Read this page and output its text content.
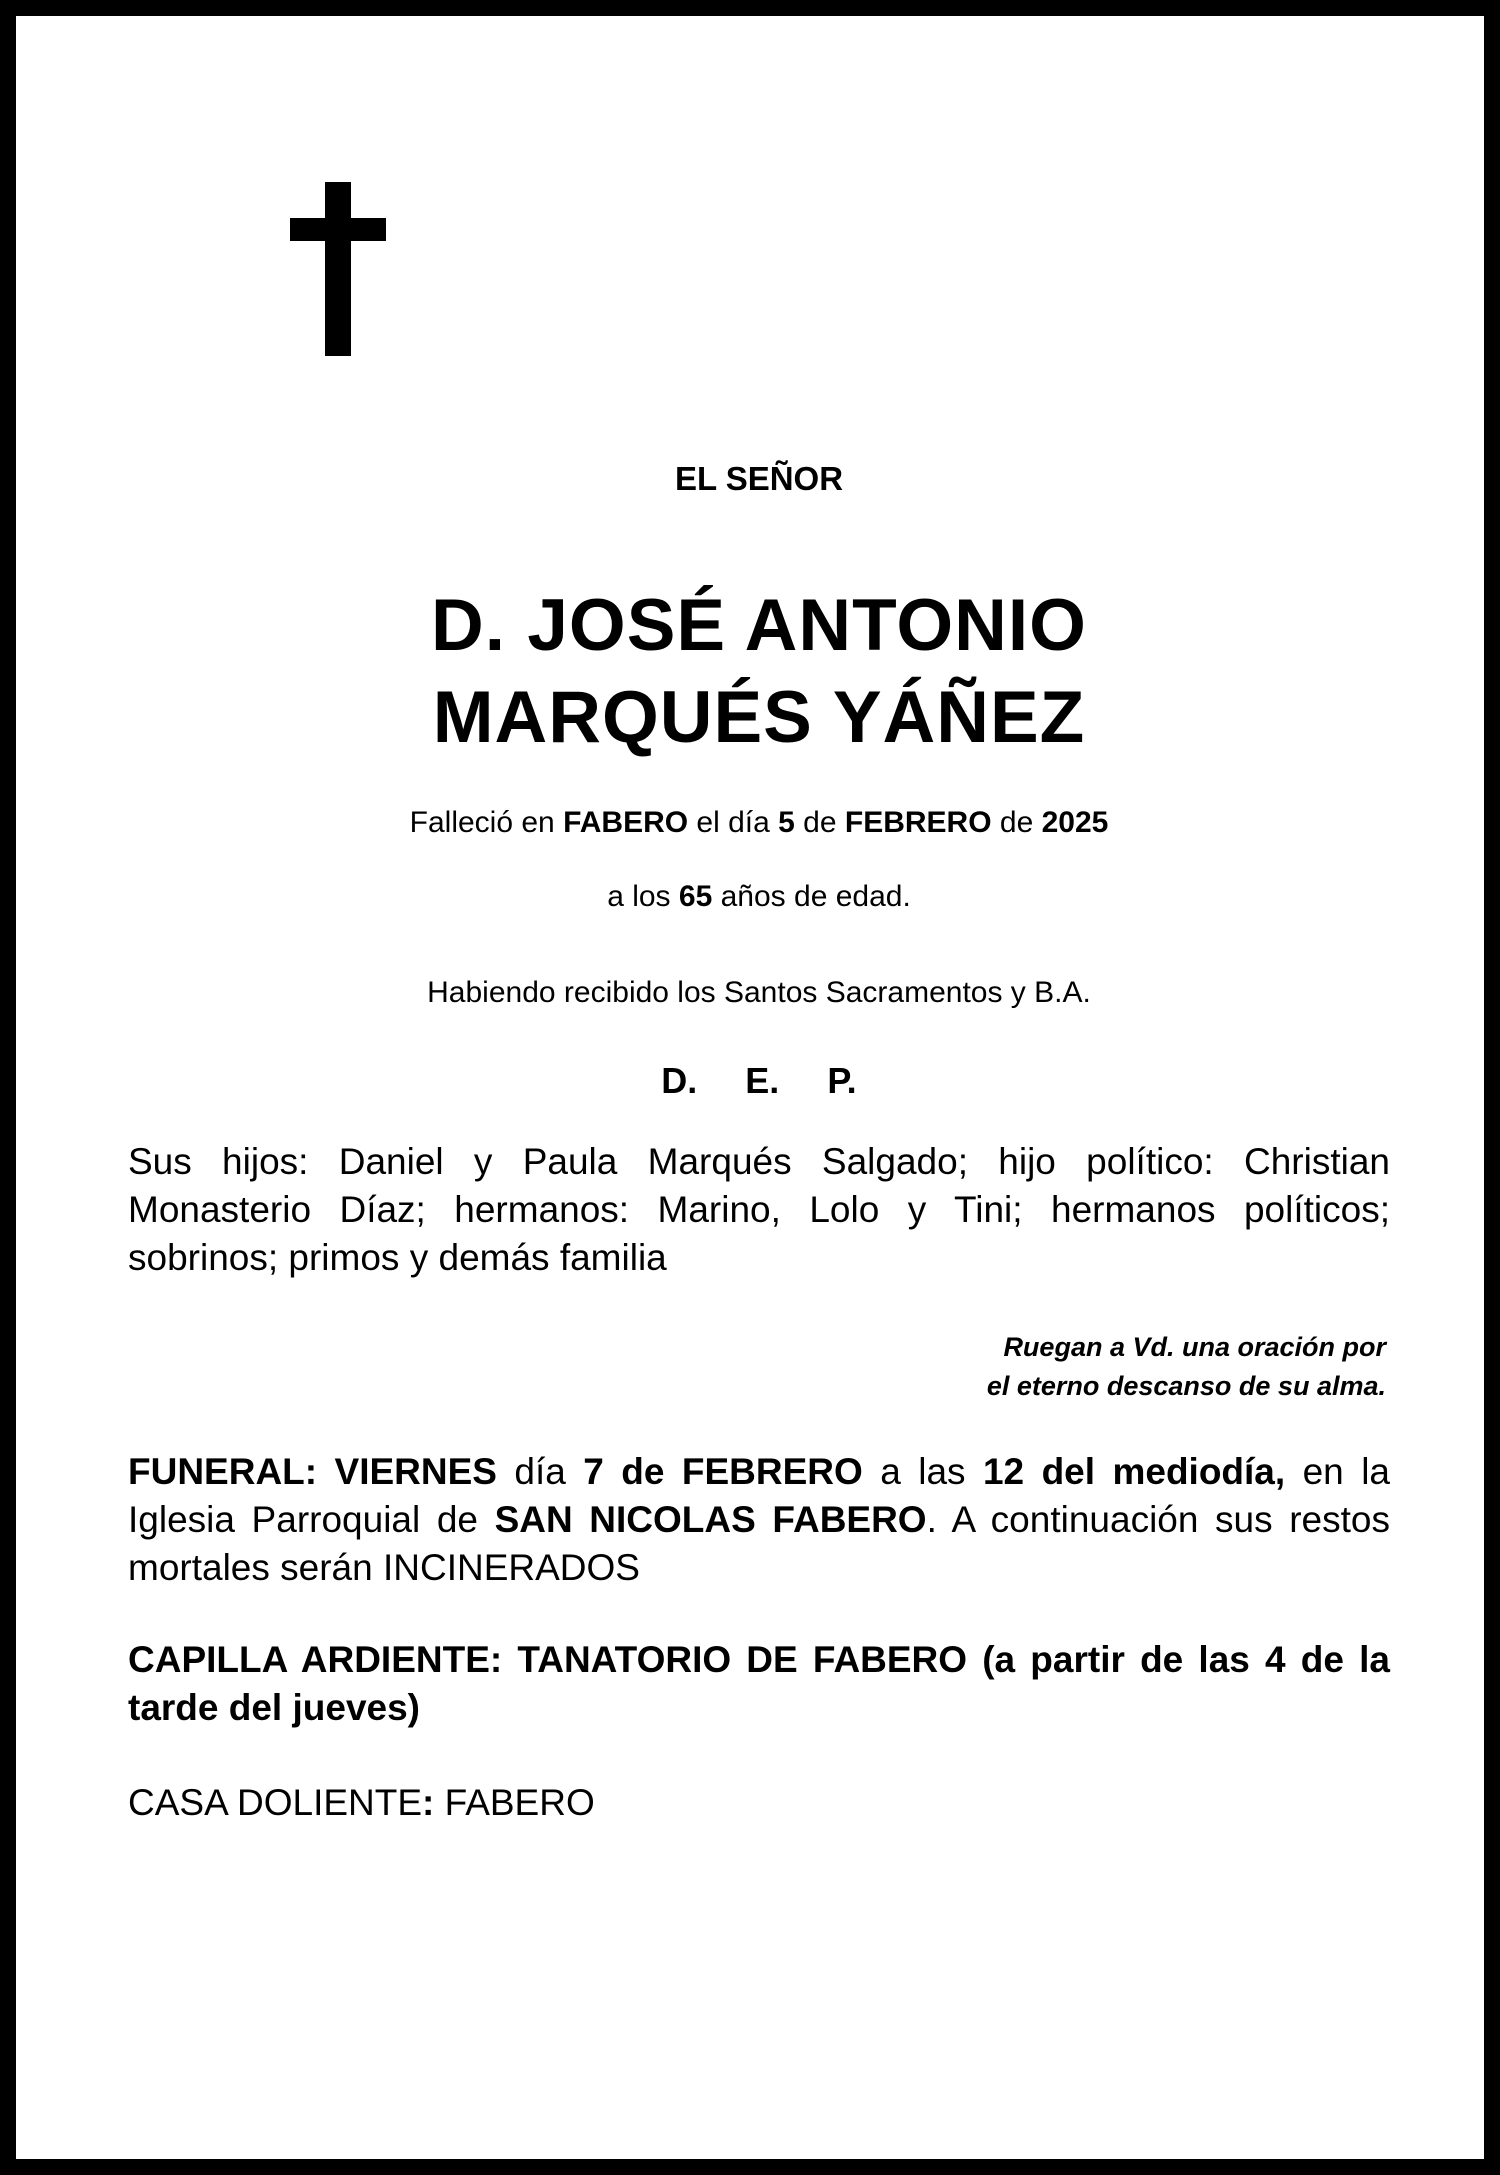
EL SEÑOR
D. JOSÉ ANTONIO
MARQUÉS YÁÑEZ
Falleció en FABERO el día 5 de FEBRERO de 2025
a los 65 años de edad.
Habiendo recibido los Santos Sacramentos y B.A.
D. E. P.
Sus hijos: Daniel y Paula Marqués Salgado; hijo político: Christian Monasterio Díaz; hermanos: Marino, Lolo y Tini; hermanos políticos; sobrinos; primos y demás familia
Ruegan a Vd. una oración por
el eterno descanso de su alma.
FUNERAL: VIERNES día 7 de FEBRERO a las 12 del mediodía, en la Iglesia Parroquial de SAN NICOLAS FABERO. A continuación sus restos mortales serán INCINERADOS
CAPILLA ARDIENTE: TANATORIO DE FABERO (a partir de las 4 de la tarde del jueves)
CASA DOLIENTE: FABERO
